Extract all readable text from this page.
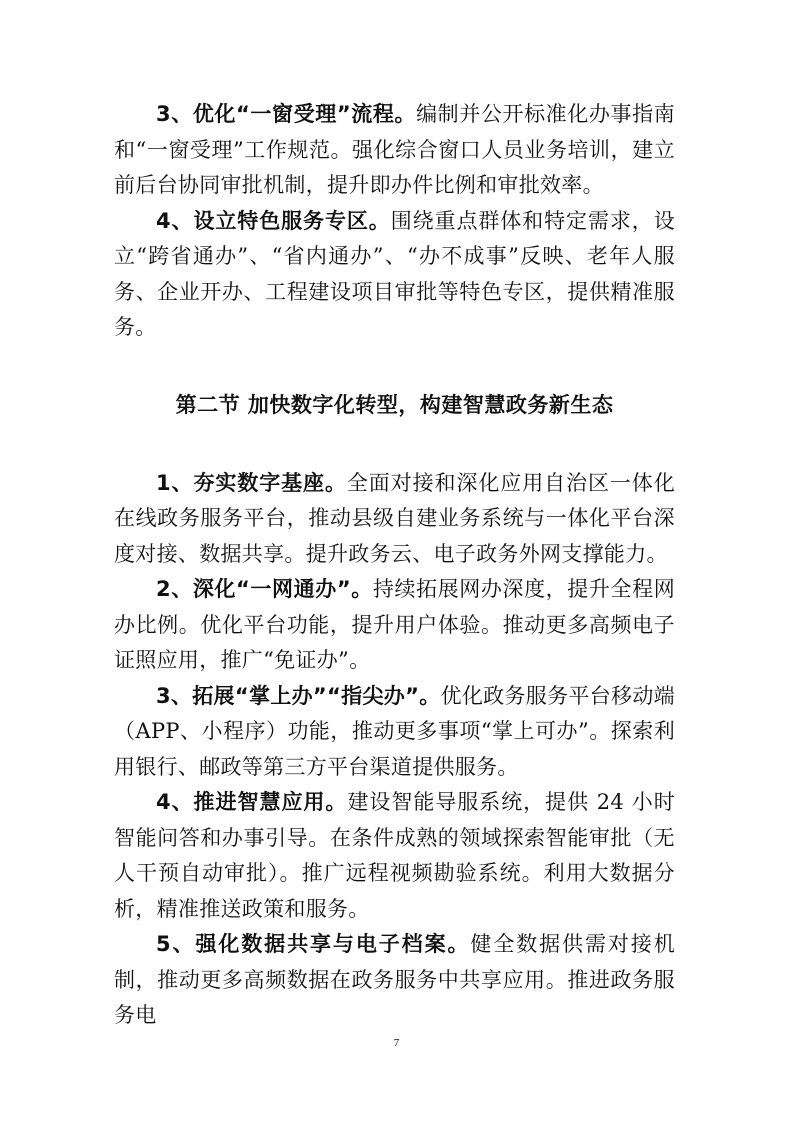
3、优化“一窗受理”流程。编制并公开标准化办事指南和“一窗受理”工作规范。强化综合窗口人员业务培训，建立前后台协同审批机制，提升即办件比例和审批效率。

4、设立特色服务专区。围绕重点群体和特定需求，设立“跨省通办”、“省内通办”、“办不成事”反映、老年人服务、企业开办、工程建设项目审批等特色专区，提供精准服务。

第二节 加快数字化转型，构建智慧政务新生态

1、夯实数字基座。全面对接和深化应用自治区一体化在线政务服务平台，推动县级自建业务系统与一体化平台深度对接、数据共享。提升政务云、电子政务外网支撑能力。

2、深化“一网通办”。持续拓展网办深度，提升全程网办比例。优化平台功能，提升用户体验。推动更多高频电子证照应用，推广“免证办”。

3、拓展“掌上办”“指尖办”。优化政务服务平台移动端（APP、小程序）功能，推动更多事项“掌上可办”。探索利用银行、邮政等第三方平台渠道提供服务。

4、推进智慧应用。建设智能导服系统，提供 24 小时智能问答和办事引导。在条件成熟的领域探索智能审批（无人干预自动审批）。推广远程视频勘验系统。利用大数据分析，精准推送政策和服务。

5、强化数据共享与电子档案。健全数据供需对接机制，推动更多高频数据在政务服务中共享应用。推进政务服务电

7
